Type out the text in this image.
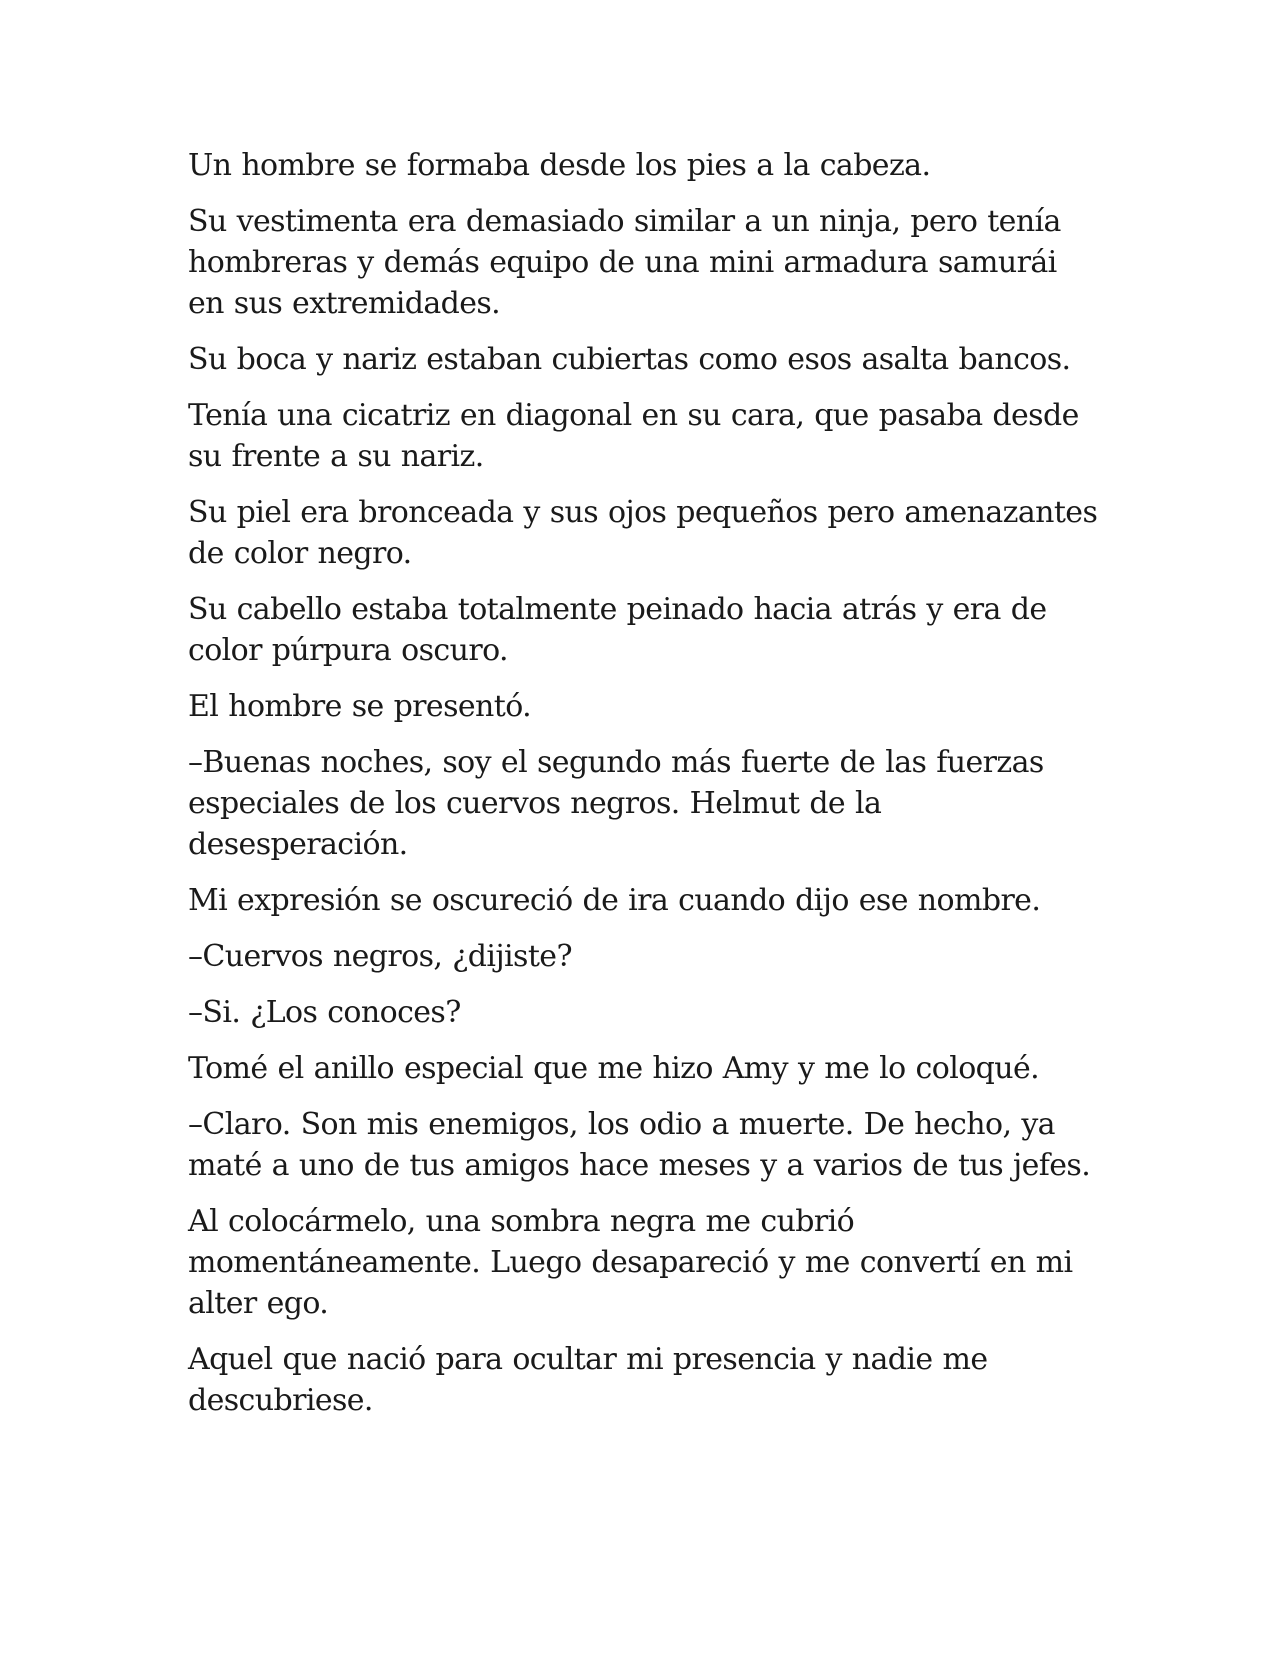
Un hombre se formaba desde los pies a la cabeza.

Su vestimenta era demasiado similar a un ninja, pero tenía hombreras y demás equipo de una mini armadura samurái en sus extremidades.

Su boca y nariz estaban cubiertas como esos asalta bancos.

Tenía una cicatriz en diagonal en su cara, que pasaba desde su frente a su nariz.

Su piel era bronceada y sus ojos pequeños pero amenazantes de color negro.

Su cabello estaba totalmente peinado hacia atrás y era de color púrpura oscuro.

El hombre se presentó.

–Buenas noches, soy el segundo más fuerte de las fuerzas especiales de los cuervos negros. Helmut de la desesperación.

Mi expresión se oscureció de ira cuando dijo ese nombre.

–Cuervos negros, ¿dijiste?

–Si. ¿Los conoces?

Tomé el anillo especial que me hizo Amy y me lo coloqué.

–Claro. Son mis enemigos, los odio a muerte. De hecho, ya maté a uno de tus amigos hace meses y a varios de tus jefes.

Al colocármelo, una sombra negra me cubrió momentáneamente. Luego desapareció y me convertí en mi alter ego.

Aquel que nació para ocultar mi presencia y nadie me descubriese.
